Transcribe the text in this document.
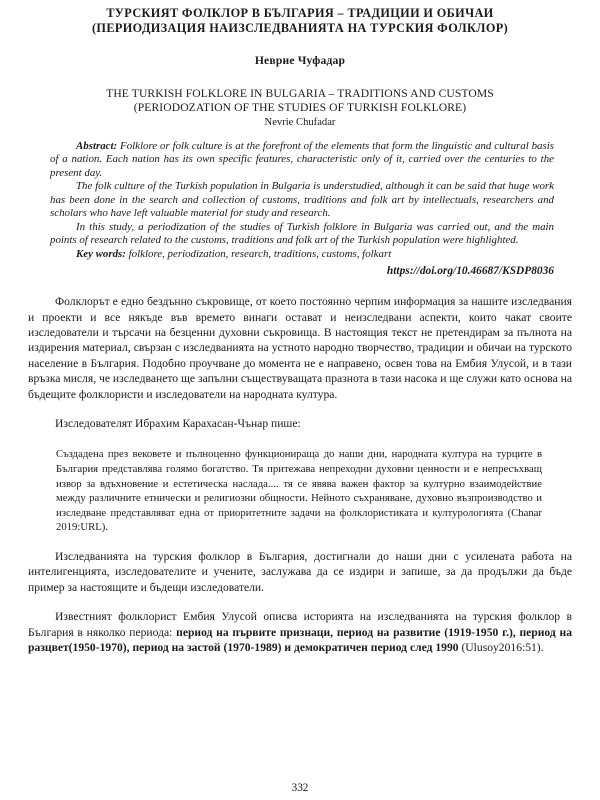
ТУРСКИЯТ ФОЛКЛОР В БЪЛГАРИЯ – ТРАДИЦИИ И ОБИЧАИ
(ПЕРИОДИЗАЦИЯ НАИЗСЛЕДВАНИЯТА НА ТУРСКИЯ ФОЛКЛОР)
Неврие Чуфадар
THE TURKISH FOLKLORE IN BULGARIA – TRADITIONS AND CUSTOMS
(PERIODOZATION OF THE STUDIES OF TURKISH FOLKLORE)
Nevrie Chufadar

Abstract: Folklore or folk culture is at the forefront of the elements that form the linguistic and cultural basis of a nation. Each nation has its own specific features, characteristic only of it, carried over the centuries to the present day.

The folk culture of the Turkish population in Bulgaria is understudied, although it can be said that huge work has been done in the search and collection of customs, traditions and folk art by intellectuals, researchers and scholars who have left valuable material for study and research.

In this study, a periodization of the studies of Turkish folklore in Bulgaria was carried out, and the main points of research related to the customs, traditions and folk art of the Turkish population were highlighted.

Key words: folklore, periodization, research, traditions, customs, folkart

https://doi.org/10.46687/KSDP8036

Фолклорът е едно бездънно съкровище, от което постоянно черпим информация за нашите изследвания и проекти и все някъде във времето винаги остават и неизследвани аспекти, които чакат своите изследователи и търсачи на безценни духовни съкровища. В настоящия текст не претендирам за пълнота на издирения материал, свързан с изследванията на устното народно творчество, традиции и обичаи на турското население в България. Подобно проучване до момента не е направено, освен това на Ембия Улусой, и в тази връзка мисля, че изследването ще запълни съществуващата празнота в тази насока и ще служи като основа на бъдещите фолклористи и изследователи на народната култура.

Изследователят Ибрахим Карахасан-Чънар пише:

Създадена през вековете и пълноценно функционираща до наши дни, народната култура на турците в България представлява голямо богатство. Тя притежава непреходни духовни ценности и е непресъхващ извор за вдъхновение и естетическа наслада.... тя се явява важен фактор за културно взаимодействие между различните етнически и религиозни общности. Нейното съхраняване, духовно възпроизводство и изследване представляват една от приоритетните задачи на фолклористиката и културологията (Chanar 2019:URL).

Изследванията на турския фолклор в България, достигнали до наши дни с усилената работа на интелигенцията, изследователите и учените, заслужава да се издири и запише, за да продължи да бъде пример за настоящите и бъдещи изследователи.

Известният фолклорист Ембия Улусой описва историята на изследванията на турския фолклор в България в няколко периода: период на първите признаци, период на развитие (1919-1950 г.), период на разцвет(1950-1970), период на застой (1970-1989) и демократичен период след 1990 (Ulusoy2016:51).

332
